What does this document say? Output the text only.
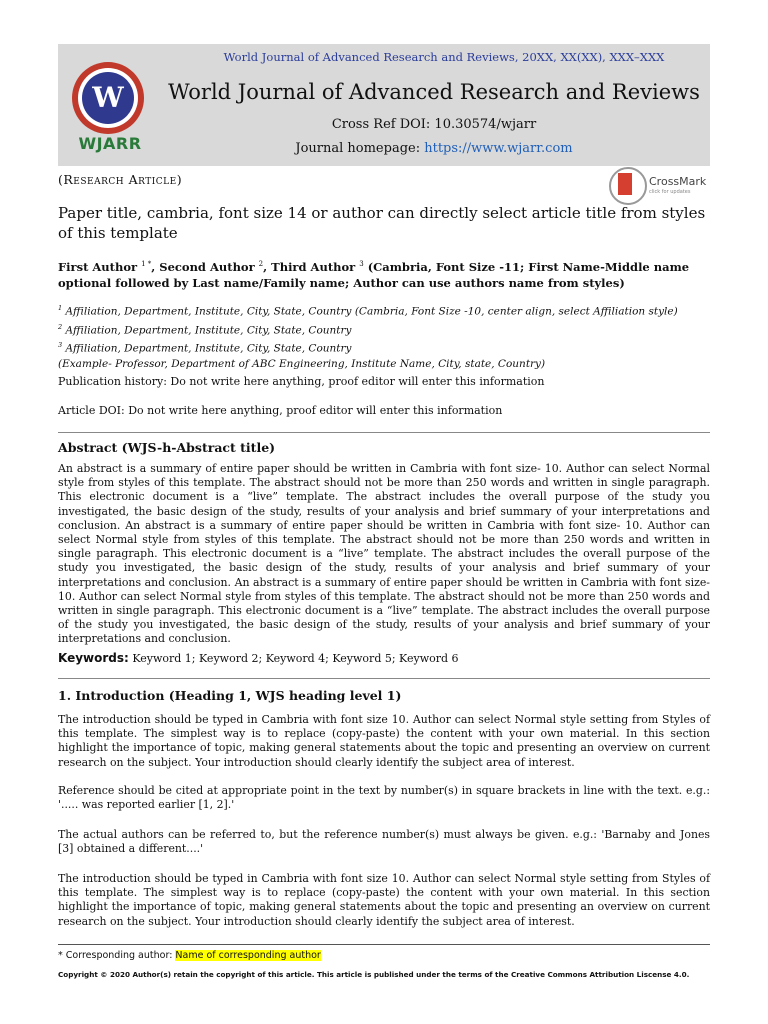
World Journal of Advanced Research and Reviews, 20XX, XX(XX), XXX–XXX
W
WJARR
World Journal of Advanced Research and Reviews
Cross Ref DOI: 10.30574/wjarr
Journal homepage: https://www.wjarr.com
(Research Article)	CrossMark
click for updates
Paper title, cambria, font size 14 or author can directly select article title from styles of this template
First Author $^{1 *}$, Second Author $^2$, Third Author $^3$ (Cambria, Font Size -11; First Name-Middle name optional followed by Last name/Family name; Author can use authors name from styles)
$^1$ Affiliation, Department, Institute, City, State, Country (Cambria, Font Size -10, center align, select Affiliation style)
$^2$ Affiliation, Department, Institute, City, State, Country
$^3$ Affiliation, Department, Institute, City, State, Country
(Example- Professor, Department of ABC Engineering, Institute Name, City, state, Country)
Publication history: Do not write here anything, proof editor will enter this information
Article DOI: Do not write here anything, proof editor will enter this information
Abstract (WJS-h-Abstract title)
An abstract is a summary of entire paper should be written in Cambria with font size- 10. Author can select Normal style from styles of this template. The abstract should not be more than 250 words and written in single paragraph. This electronic document is a “live” template. The abstract includes the overall purpose of the study you investigated, the basic design of the study, results of your analysis and brief summary of your interpretations and conclusion. An abstract is a summary of entire paper should be written in Cambria with font size- 10. Author can select Normal style from styles of this template. The abstract should not be more than 250 words and written in single paragraph. This electronic document is a “live” template. The abstract includes the overall purpose of the study you investigated, the basic design of the study, results of your analysis and brief summary of your interpretations and conclusion. An abstract is a summary of entire paper should be written in Cambria with font size- 10. Author can select Normal style from styles of this template. The abstract should not be more than 250 words and written in single paragraph. This electronic document is a “live” template. The abstract includes the overall purpose of the study you investigated, the basic design of the study, results of your analysis and brief summary of your interpretations and conclusion.
Keywords: Keyword 1; Keyword 2; Keyword 4; Keyword 5; Keyword 6
1. Introduction (Heading 1, WJS heading level 1)
The introduction should be typed in Cambria with font size 10. Author can select Normal style setting from Styles of this template. The simplest way is to replace (copy-paste) the content with your own material. In this section highlight the importance of topic, making general statements about the topic and presenting an overview on current research on the subject. Your introduction should clearly identify the subject area of interest.
Reference should be cited at appropriate point in the text by number(s) in square brackets in line with the text. e.g.: '..... was reported earlier [1, 2].'
The actual authors can be referred to, but the reference number(s) must always be given. e.g.: 'Barnaby and Jones [3] obtained a different....'
The introduction should be typed in Cambria with font size 10. Author can select Normal style setting from Styles of this template. The simplest way is to replace (copy-paste) the content with your own material. In this section highlight the importance of topic, making general statements about the topic and presenting an overview on current research on the subject. Your introduction should clearly identify the subject area of interest.
* Corresponding author: Name of corresponding author
Copyright © 2020 Author(s) retain the copyright of this article. This article is published under the terms of the Creative Commons Attribution Liscense 4.0.
